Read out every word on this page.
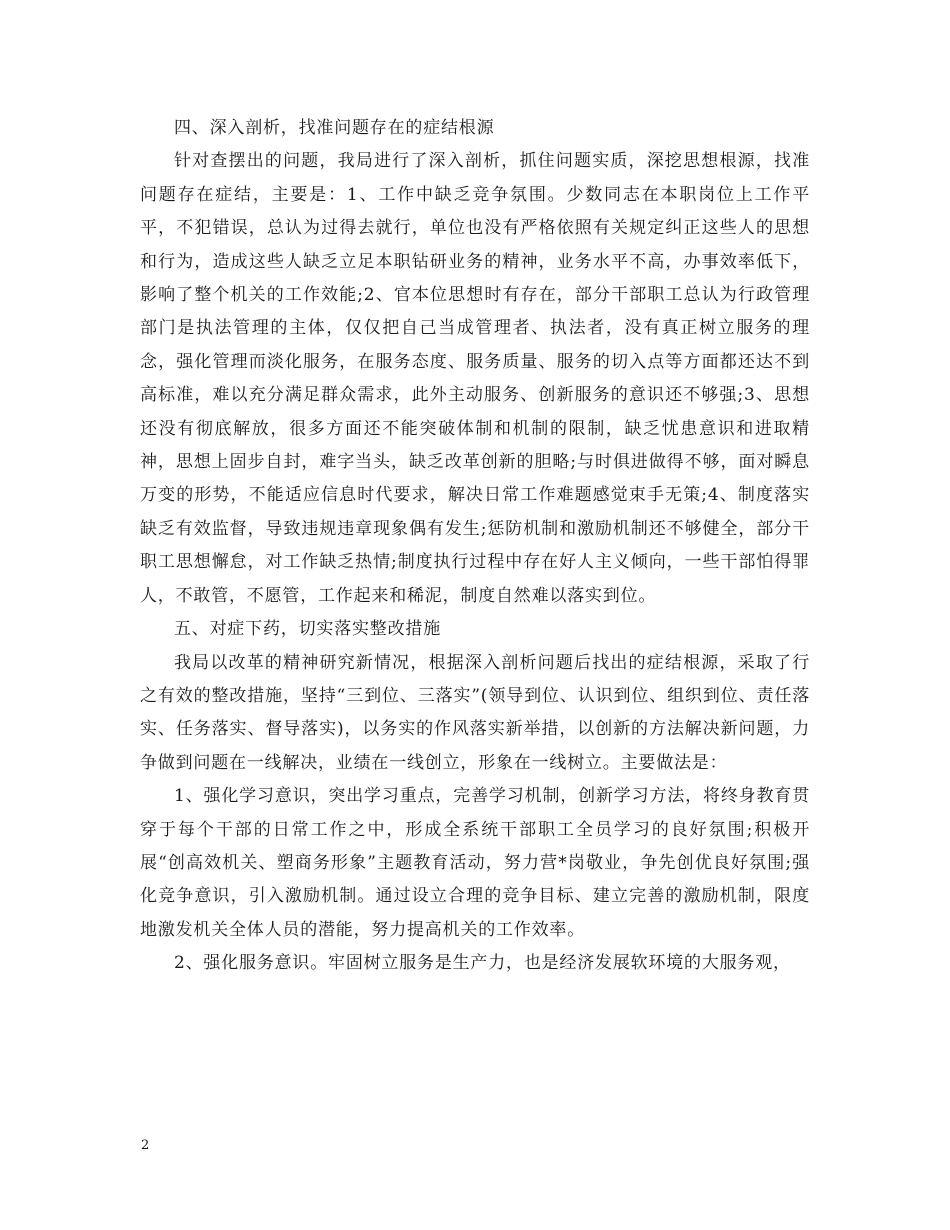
四、深入剖析，找准问题存在的症结根源

针对查摆出的问题，我局进行了深入剖析，抓住问题实质，深挖思想根源，找准问题存在症结，主要是：1、工作中缺乏竞争氛围。少数同志在本职岗位上工作平平，不犯错误，总认为过得去就行，单位也没有严格依照有关规定纠正这些人的思想和行为，造成这些人缺乏立足本职钻研业务的精神，业务水平不高，办事效率低下，影响了整个机关的工作效能;2、官本位思想时有存在，部分干部职工总认为行政管理部门是执法管理的主体，仅仅把自己当成管理者、执法者，没有真正树立服务的理念，强化管理而淡化服务，在服务态度、服务质量、服务的切入点等方面都还达不到高标准，难以充分满足群众需求，此外主动服务、创新服务的意识还不够强;3、思想还没有彻底解放，很多方面还不能突破体制和机制的限制，缺乏忧患意识和进取精神，思想上固步自封，难字当头，缺乏改革创新的胆略;与时俱进做得不够，面对瞬息万变的形势，不能适应信息时代要求，解决日常工作难题感觉束手无策;4、制度落实缺乏有效监督，导致违规违章现象偶有发生;惩防机制和激励机制还不够健全，部分干职工思想懈怠，对工作缺乏热情;制度执行过程中存在好人主义倾向，一些干部怕得罪人，不敢管，不愿管，工作起来和稀泥，制度自然难以落实到位。

五、对症下药，切实落实整改措施

我局以改革的精神研究新情况，根据深入剖析问题后找出的症结根源，采取了行之有效的整改措施，坚持“三到位、三落实”(领导到位、认识到位、组织到位、责任落实、任务落实、督导落实)，以务实的作风落实新举措，以创新的方法解决新问题，力争做到问题在一线解决，业绩在一线创立，形象在一线树立。主要做法是：

1、强化学习意识，突出学习重点，完善学习机制，创新学习方法，将终身教育贯穿于每个干部的日常工作之中，形成全系统干部职工全员学习的良好氛围;积极开展“创高效机关、塑商务形象”主题教育活动，努力营*岗敬业，争先创优良好氛围;强化竞争意识，引入激励机制。通过设立合理的竞争目标、建立完善的激励机制，限度地激发机关全体人员的潜能，努力提高机关的工作效率。

2、强化服务意识。牢固树立服务是生产力，也是经济发展软环境的大服务观，

2
